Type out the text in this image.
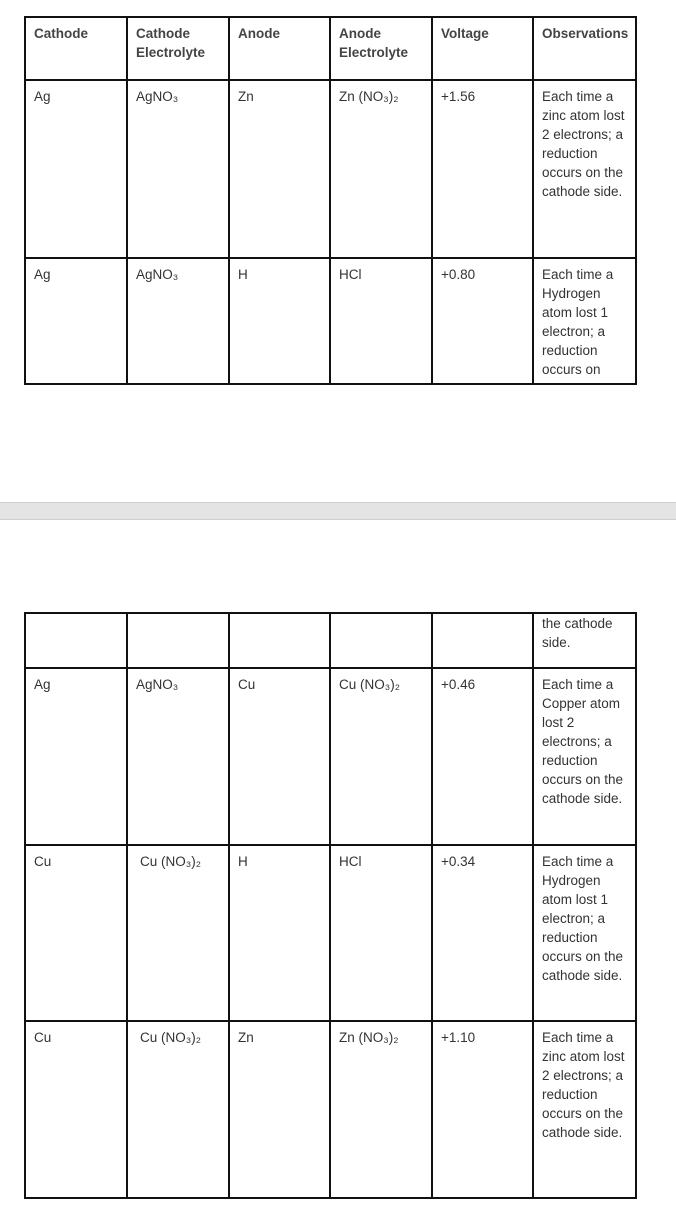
Cathode	Cathode Electrolyte	Anode	Anode Electrolyte	Voltage	Observations
Ag	AgNO₃	Zn	Zn (NO₃)₂	+1.56	Each time a zinc atom lost 2 electrons; a reduction occurs on the cathode side.
Ag	AgNO₃	H	HCl	+0.80	Each time a Hydrogen atom lost 1 electron; a reduction occurs on
					the cathode side.
Ag	AgNO₃	Cu	Cu (NO₃)₂	+0.46	Each time a Copper atom lost 2 electrons; a reduction occurs on the cathode side.
Cu	Cu (NO₃)₂	H	HCl	+0.34	Each time a Hydrogen atom lost 1 electron; a reduction occurs on the cathode side.
Cu	Cu (NO₃)₂	Zn	Zn (NO₃)₂	+1.10	Each time a zinc atom lost 2 electrons; a reduction occurs on the cathode side.
